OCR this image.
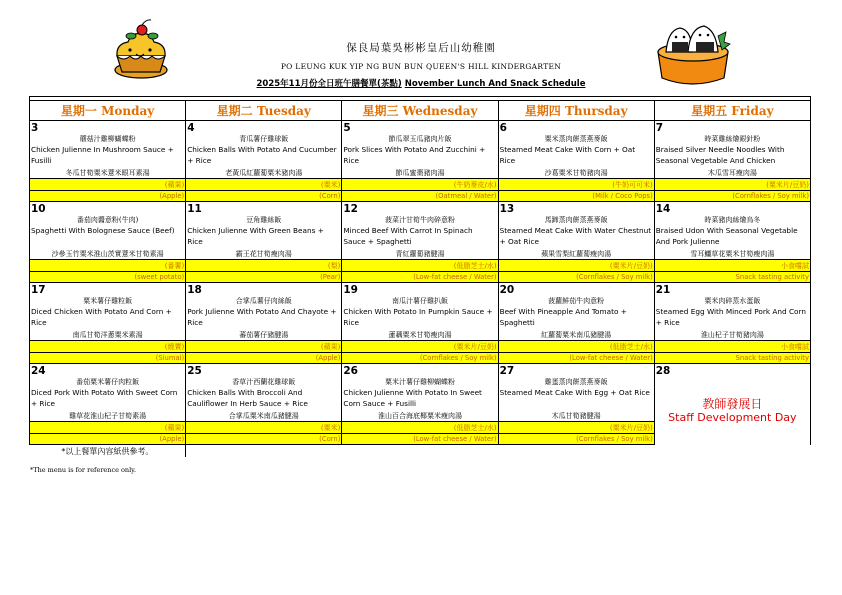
保良局葉吳彬彬皇后山幼稚園
PO LEUNG KUK YIP NG BUN BUN QUEEN'S HILL KINDERGARTEN
2025年11月份全日班午膳餐單(茶點) November Lunch And Snack Schedule

星期一 Monday	星期二 Tuesday	星期三 Wednesday	星期四 Thursday	星期五 Friday
3	4	5	6	7
蘑菇汁雞柳蝴蝶粉	青瓜薯仔雞球飯	節瓜翠玉瓜豬肉片飯	粟米蒸肉餅蒸燕麥飯	時菜雞絲燴銀針粉
Chicken Julienne In Mushroom Sauce + Fusilli	Chicken Balls With Potato And Cucumber + Rice	Pork Slices With Potato And Zucchini + Rice	Steamed Meat Cake With Corn + Oat Rice	Braised Silver Needle Noodles With Seasonal Vegetable And Chicken
冬瓜甘筍粟米薏米眼耳素湯	老黃瓜紅蘿蔔粟米豬肉湯	節瓜蜜棗豬肉湯	沙葛粟米甘筍豬肉湯	木瓜雪耳瘦肉湯
(蘋果)	(粟米)	(牛奶麥皮/水)	(牛奶可可米)	(粟米片/豆奶)
(Apple)	(Corn)	(Oatmeal / Water)	(Milk / Coco Pops)	(Cornflakes / Soy milk)
10	11	12	13	14
番茄肉醬意粉(牛肉)	豆角雞絲飯	菠菜汁甘筍牛肉碎意粉	馬蹄蒸肉餅蒸燕麥飯	時菜豬肉絲燴烏冬
Spaghetti With Bolognese Sauce (Beef)	Chicken Julienne With Green Beans + Rice	Minced Beef With Carrot In Spinach Sauce + Spaghetti	Steamed Meat Cake With Water Chestnut + Oat Rice	Braised Udon With Seasonal Vegetable And Pork Julienne
沙參玉竹粟米淮山茨實薏米甘筍素湯	霸王花甘筍瘦肉湯	青紅蘿蔔豬腱湯	蘋果雪梨紅蘿蔔瘦肉湯	雪耳鱷草花粟米甘筍瘦肉湯
(番薯)	(梨)	(低脂芝士/水)	(粟米片/豆奶)	小食嚐試
(sweet potato)	(Pear)	(Low-fat cheese / Water)	(Cornflakes / Soy milk)	Snack tasting activity
17	18	19	20	21
粟米薯仔雞粒飯	合掌瓜薯仔肉絲飯	南瓜汁薯仔雞扒飯	菠蘿鮮茄牛肉意粉	粟米肉碎蒸水蛋飯
Diced Chicken With Potato And Corn + Rice	Pork Julienne With Potato And Chayote + Rice	Chicken With Potato In Pumpkin Sauce + Rice	Beef With Pineapple And Tomato + Spaghetti	Steamed Egg With Minced Pork And Corn + Rice
南瓜甘筍洋蔥粟米素湯	蕃茄薯仔豬腱湯	蓮藕粟米甘筍瘦肉湯	紅蘿蔔粟米南瓜豬腱湯	淮山杞子甘筍豬肉湯
(燒賣)	(蘋果)	(粟米片/豆奶)	(低脂芝士/水)	小食嚐試
(Siumai)	(Apple)	(Cornflakes / Soy milk)	(Low-fat cheese / Water)	Snack tasting activity
24	25	26	27	28
番茄粟米薯仔肉粒飯	香草汁西蘭花雞球飯	粟米汁薯仔雞柳蝴蝶粉	雞蛋蒸肉餅蒸燕麥飯	教師發展日
Staff Development Day

Diced Pork With Potato With Sweet Corn + Rice	Chicken Balls With Broccoli And Cauliflower In Herb Sauce + Rice	Chicken Julienne With Potato In Sweet Corn Sauce + Fusilli	Steamed Meat Cake With Egg + Oat Rice	
雞草花淮山杞子甘筍素湯	合掌瓜粟米南瓜豬腱湯	淮山百合海底椰粟米瘦肉湯	木瓜甘筍豬腱湯	
(蘋果)	(粟米)	(低脂芝士/水)	(粟米片/豆奶)	
(Apple)	(Corn)	(Low-fat cheese / Water)	(Cornflakes / Soy milk)	
*以上餐單內容紙供參考。				
*The menu is for reference only.
